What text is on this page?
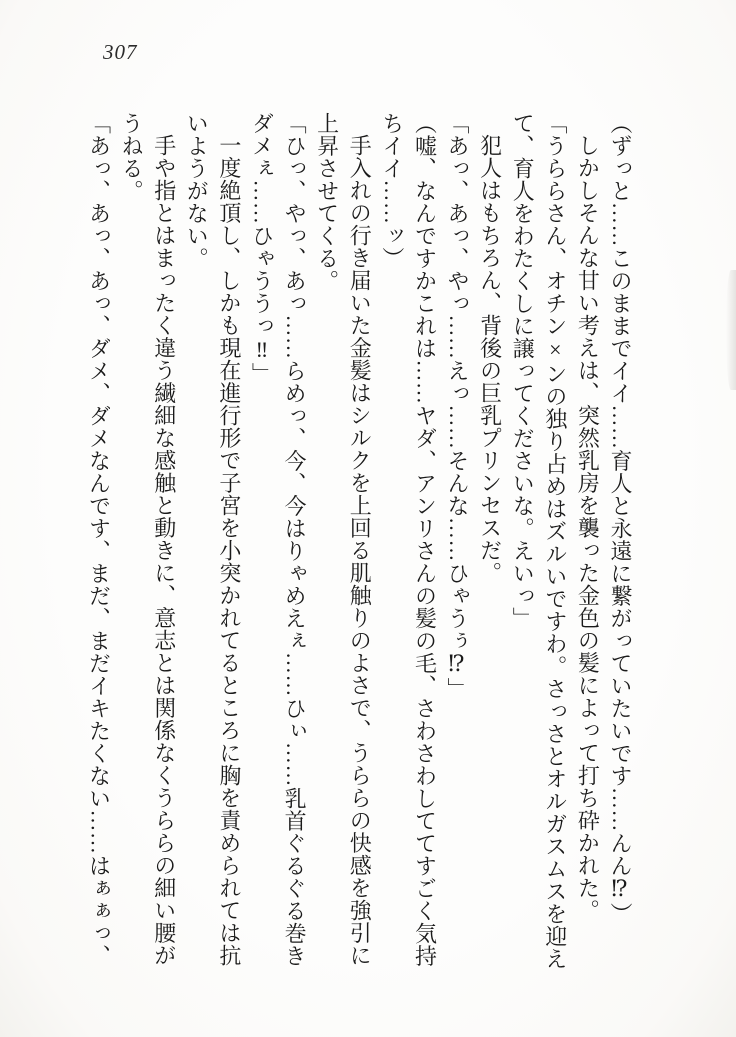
307

（ずっと……このままでイイ……育人と永遠に繋がっていたいです……んん⁉）

しかしそんな甘い考えは、突然乳房を襲った金色の髪によって打ち砕かれた。

「うららさん、オチン×ンの独り占めはズルいですわ。さっさとオルガスムスを迎え

て、育人をわたくしに譲ってくださいな。えいっ」

犯人はもちろん、背後の巨乳プリンセスだ。

「あっ、あっ、やっ……えっ……そんな……ひゃうぅ⁉」

（嘘、なんですかこれは……ヤダ、アンリさんの髪の毛、さわさわしててすごく気持

ちイイ……ッ）

手入れの行き届いた金髪はシルクを上回る肌触りのよさで、うららの快感を強引に

上昇させてくる。

「ひっ、やっ、あっ……らめっ、今、今はりゃめえぇ……ひぃ……乳首ぐるぐる巻き

ダメぇ……ひゃううっ‼」

一度絶頂し、しかも現在進行形で子宮を小突かれてるところに胸を責められては抗

いようがない。

手や指とはまったく違う繊細な感触と動きに、意志とは関係なくうららの細い腰が

うねる。

「あっ、あっ、あっ、ダメ、ダメなんです、まだ、まだイキたくない……はぁぁっ、
